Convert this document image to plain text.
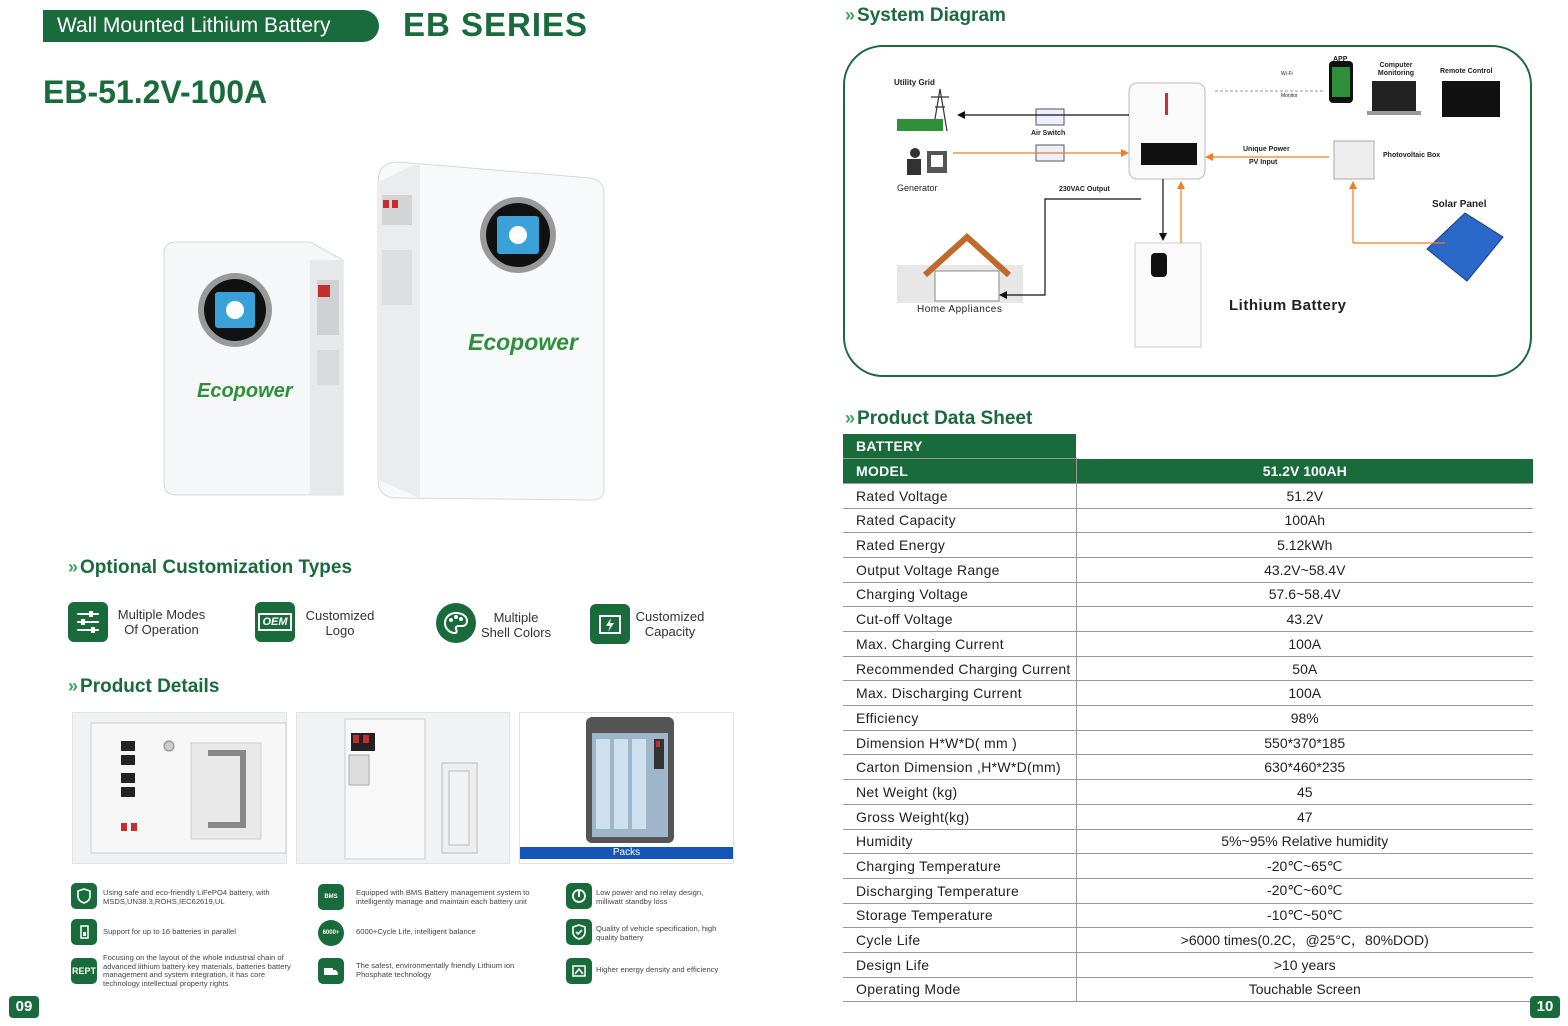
Wall Mounted Lithium Battery	EB SERIES
EB-51.2V-100A
Ecopower
Ecopower
» Optional Customization Types
Multiple Modes Of Operation	OEM	Customized Logo
Multiple Shell Colors
Customized Capacity
» Product Details
Packs
Using safe and eco-friendly LiFePO4 battery, with MSDS,UN38.3,ROHS,IEC62619,UL	BMS Equipped with BMS Battery management system to intelligently manage and maintain each battery unit
Low power and no relay design, milliwatt standby loss
Support for up to 16 batteries in parallel	6000+ 6000+Cycle Life, intelligent balance	Quality of vehicle specification, high quality battery
REPT
Focusing on the layout of the whole industrial chain of advanced lithium battery key materials, batteries battery management and system integration, it has core technology intellectual property rights
The safest, environmentally friendly Lithium ion Phosphate technology	Higher energy density and efficiency
09
» System Diagram
Utility Grid
Generator
Air Switch
230VAC Output
Unique Power
PV Input
APP
Computer Monitoring	Remote Control
Wi-Fi
Monitor
Photovoltaic Box
Solar Panel
Home Appliances	Lithium Battery
» Product Data Sheet
BATTERY	
MODEL	51.2V 100AH
Rated Voltage	51.2V
Rated Capacity	100Ah
Rated Energy	5.12kWh
Output Voltage Range	43.2V~58.4V
Charging Voltage	57.6~58.4V
Cut-off Voltage	43.2V
Max. Charging Current	100A
Recommended Charging Current	50A
Max. Discharging Current	100A
Efficiency	98%
Dimension H*W*D( mm )	550*370*185
Carton Dimension ,H*W*D(mm)	630*460*235
Net Weight (kg)	45
Gross Weight(kg)	47
Humidity	5%~95% Relative humidity
Charging Temperature	-20℃~65℃
Discharging Temperature	-20℃~60℃
Storage Temperature	-10℃~50℃
Cycle Life	>6000 times(0.2C，@25°C，80%DOD)
Design Life	>10 years
Operating Mode	Touchable Screen
10
